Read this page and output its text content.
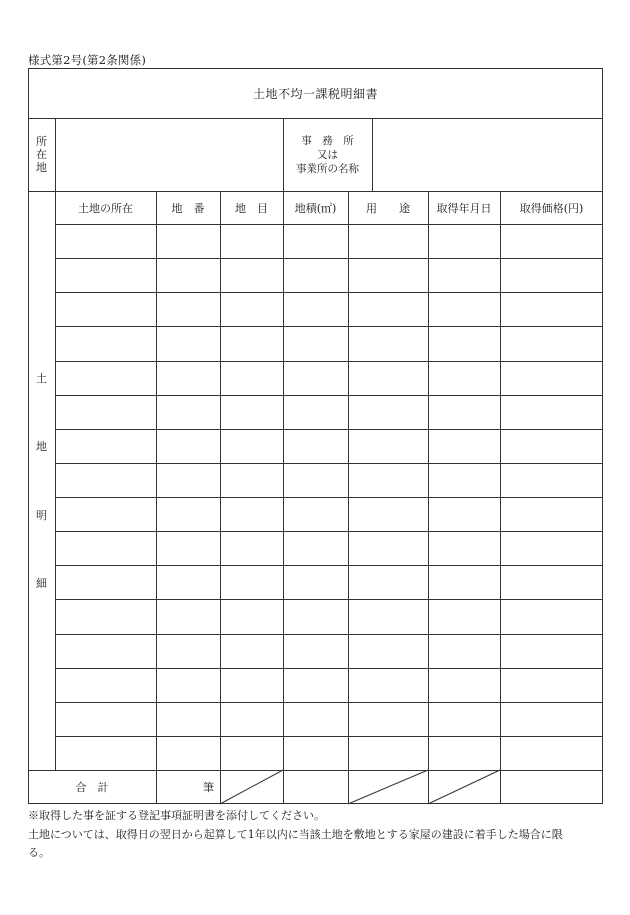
様式第2号(第2条関係)
土地不均一課税明細書
所
在
地
事　務　所
又は
事業所の名称
土
地
明
細
土地の所在	地　番	地　目	地積(㎡)	用　　途	取得年月日	取得価格(円)
合　計	筆
※取得した事を証する登記事項証明書を添付してください。
土地については、取得日の翌日から起算して1年以内に当該土地を敷地とする家屋の建設に着手した場合に限
る。
